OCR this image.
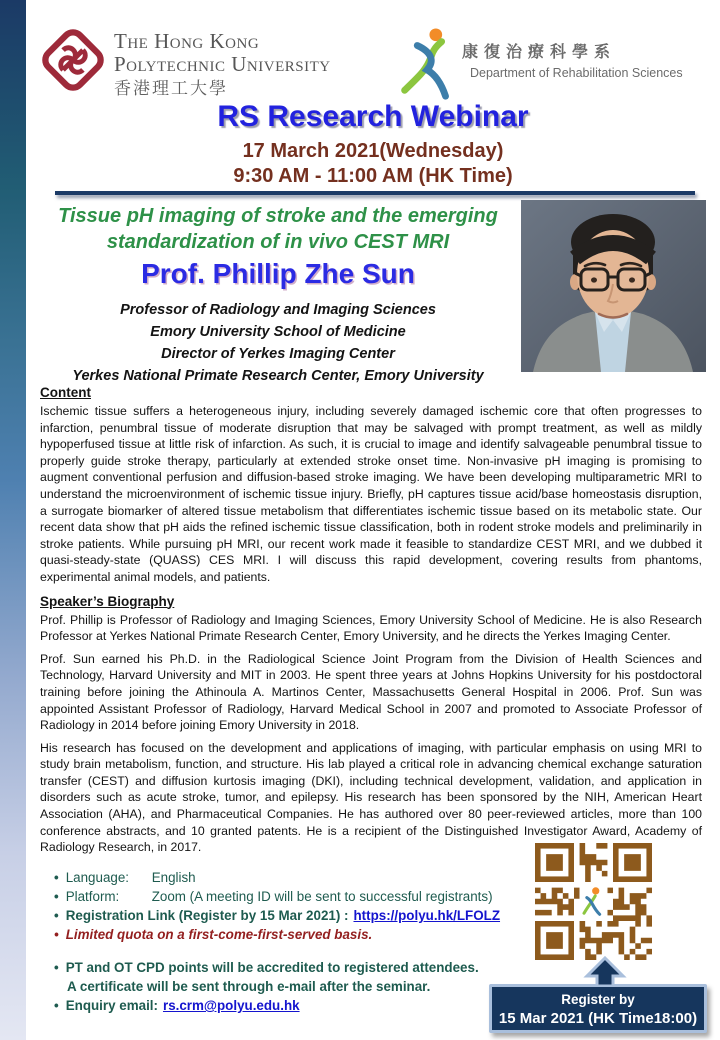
The Hong Kong
Polytechnic University
香港理工大學
康復治療科學系
Department of Rehabilitation Sciences
RS Research Webinar
17 March 2021(Wednesday)
9:30 AM - 11:00 AM (HK Time)
Tissue pH imaging of stroke and the emerging
standardization of in vivo CEST MRI
Prof. Phillip Zhe Sun
Professor of Radiology and Imaging Sciences
Emory University School of Medicine
Director of Yerkes Imaging Center
Yerkes National Primate Research Center, Emory University
Content

Ischemic tissue suffers a heterogeneous injury, including severely damaged ischemic core that often progresses to infarction, penumbral tissue of moderate disruption that may be salvaged with prompt treatment, as well as mildly hypoperfused tissue at little risk of infarction. As such, it is crucial to image and identify salvageable penumbral tissue to properly guide stroke therapy, particularly at extended stroke onset time. Non-invasive pH imaging is promising to augment conventional perfusion and diffusion-based stroke imaging. We have been developing multiparametric MRI to understand the microenvironment of ischemic tissue injury. Briefly, pH captures tissue acid/base homeostasis disruption, a surrogate biomarker of altered tissue metabolism that differentiates ischemic tissue based on its metabolic state. Our recent data show that pH aids the refined ischemic tissue classification, both in rodent stroke models and preliminarily in stroke patients. While pursuing pH MRI, our recent work made it feasible to standardize CEST MRI, and we dubbed it quasi-steady-state (QUASS) CES MRI. I will discuss this rapid development, covering results from phantoms, experimental animal models, and patients.

Speaker’s Biography

Prof. Phillip is Professor of Radiology and Imaging Sciences, Emory University School of Medicine. He is also Research Professor at Yerkes National Primate Research Center, Emory University, and he directs the Yerkes Imaging Center.

Prof. Sun earned his Ph.D. in the Radiological Science Joint Program from the Division of Health Sciences and Technology, Harvard University and MIT in 2003. He spent three years at Johns Hopkins University for his postdoctoral training before joining the Athinoula A. Martinos Center, Massachusetts General Hospital in 2006. Prof. Sun was appointed Assistant Professor of Radiology, Harvard Medical School in 2007 and promoted to Associate Professor of Radiology in 2014 before joining Emory University in 2018.

His research has focused on the development and applications of imaging, with particular emphasis on using MRI to study brain metabolism, function, and structure. His lab played a critical role in advancing chemical exchange saturation transfer (CEST) and diffusion kurtosis imaging (DKI), including technical development, validation, and application in disorders such as acute stroke, tumor, and epilepsy. His research has been sponsored by the NIH, American Heart Association (AHA), and Pharmaceutical Companies. He has authored over 80 peer-reviewed articles, more than 100 conference abstracts, and 10 granted patents. He is a recipient of the Distinguished Investigator Award, Academy of Radiology Research, in 2017.

• Language:	English
• Platform:	Zoom (A meeting ID will be sent to successful registrants)
• Registration Link (Register by 15 Mar 2021) : https://polyu.hk/LFOLZ
• Limited quota on a first-come-first-served basis.
• PT and OT CPD points will be accredited to registered attendees.
A certificate will be sent through e-mail after the seminar.
• Enquiry email: rs.crm@polyu.edu.hk	Register by
15 Mar 2021 (HK Time18:00)
